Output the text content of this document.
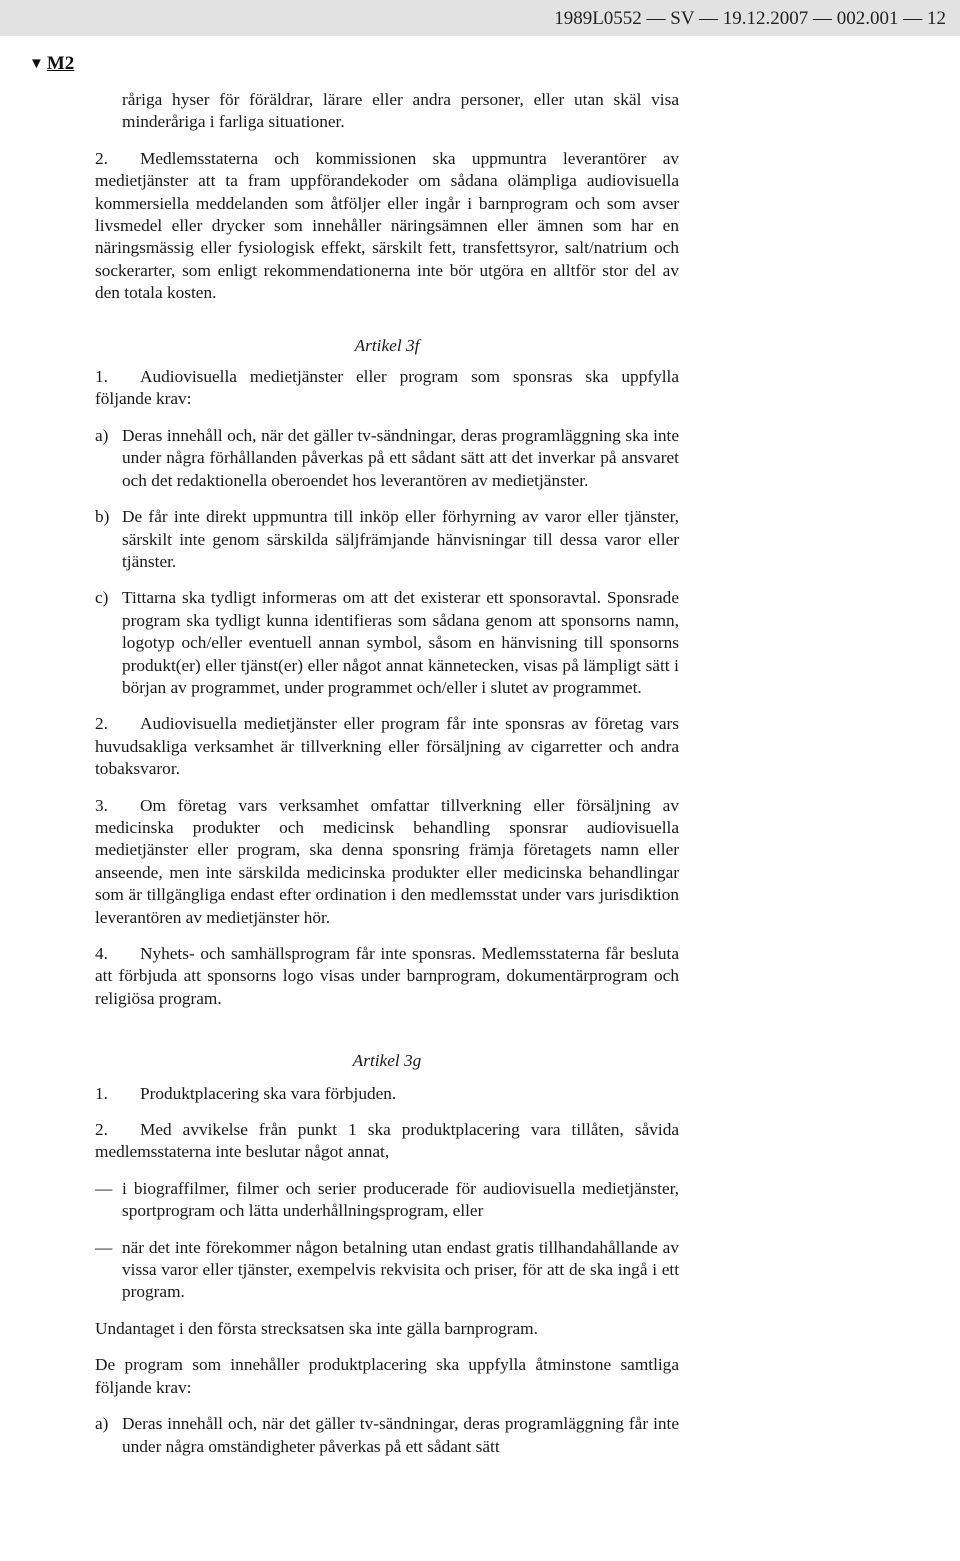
1989L0552 — SV — 19.12.2007 — 002.001 — 12
▼ M2

råriga hyser för föräldrar, lärare eller andra personer, eller utan skäl visa minderåriga i farliga situationer.

2. Medlemsstaterna och kommissionen ska uppmuntra leverantörer av medietjänster att ta fram uppförandekoder om sådana olämpliga audiovisuella kommersiella meddelanden som åtföljer eller ingår i barnprogram och som avser livsmedel eller drycker som innehåller näringsämnen eller ämnen som har en näringsmässig eller fysiologisk effekt, särskilt fett, transfettsyror, salt/natrium och sockerarter, som enligt rekommendationerna inte bör utgöra en alltför stor del av den totala kosten.

Artikel 3f

1. Audiovisuella medietjänster eller program som sponsras ska uppfylla följande krav:

a) Deras innehåll och, när det gäller tv-sändningar, deras programläggning ska inte under några förhållanden påverkas på ett sådant sätt att det inverkar på ansvaret och det redaktionella oberoendet hos leverantören av medietjänster.

b) De får inte direkt uppmuntra till inköp eller förhyrning av varor eller tjänster, särskilt inte genom särskilda säljfrämjande hänvisningar till dessa varor eller tjänster.

c) Tittarna ska tydligt informeras om att det existerar ett sponsoravtal. Sponsrade program ska tydligt kunna identifieras som sådana genom att sponsorns namn, logotyp och/eller eventuell annan symbol, såsom en hänvisning till sponsorns produkt(er) eller tjänst(er) eller något annat kännetecken, visas på lämpligt sätt i början av programmet, under programmet och/eller i slutet av programmet.

2. Audiovisuella medietjänster eller program får inte sponsras av företag vars huvudsakliga verksamhet är tillverkning eller försäljning av cigarretter och andra tobaksvaror.

3. Om företag vars verksamhet omfattar tillverkning eller försäljning av medicinska produkter och medicinsk behandling sponsrar audiovisuella medietjänster eller program, ska denna sponsring främja företagets namn eller anseende, men inte särskilda medicinska produkter eller medicinska behandlingar som är tillgängliga endast efter ordination i den medlemsstat under vars jurisdiktion leverantören av medietjänster hör.

4. Nyhets- och samhällsprogram får inte sponsras. Medlemsstaterna får besluta att förbjuda att sponsorns logo visas under barnprogram, dokumentärprogram och religiösa program.

Artikel 3g

1. Produktplacering ska vara förbjuden.

2. Med avvikelse från punkt 1 ska produktplacering vara tillåten, såvida medlemsstaterna inte beslutar något annat,

— i biograffilmer, filmer och serier producerade för audiovisuella medietjänster, sportprogram och lätta underhållningsprogram, eller

— när det inte förekommer någon betalning utan endast gratis tillhandahållande av vissa varor eller tjänster, exempelvis rekvisita och priser, för att de ska ingå i ett program.

Undantaget i den första strecksatsen ska inte gälla barnprogram.

De program som innehåller produktplacering ska uppfylla åtminstone samtliga följande krav:

a) Deras innehåll och, när det gäller tv-sändningar, deras programläggning får inte under några omständigheter påverkas på ett sådant sätt
